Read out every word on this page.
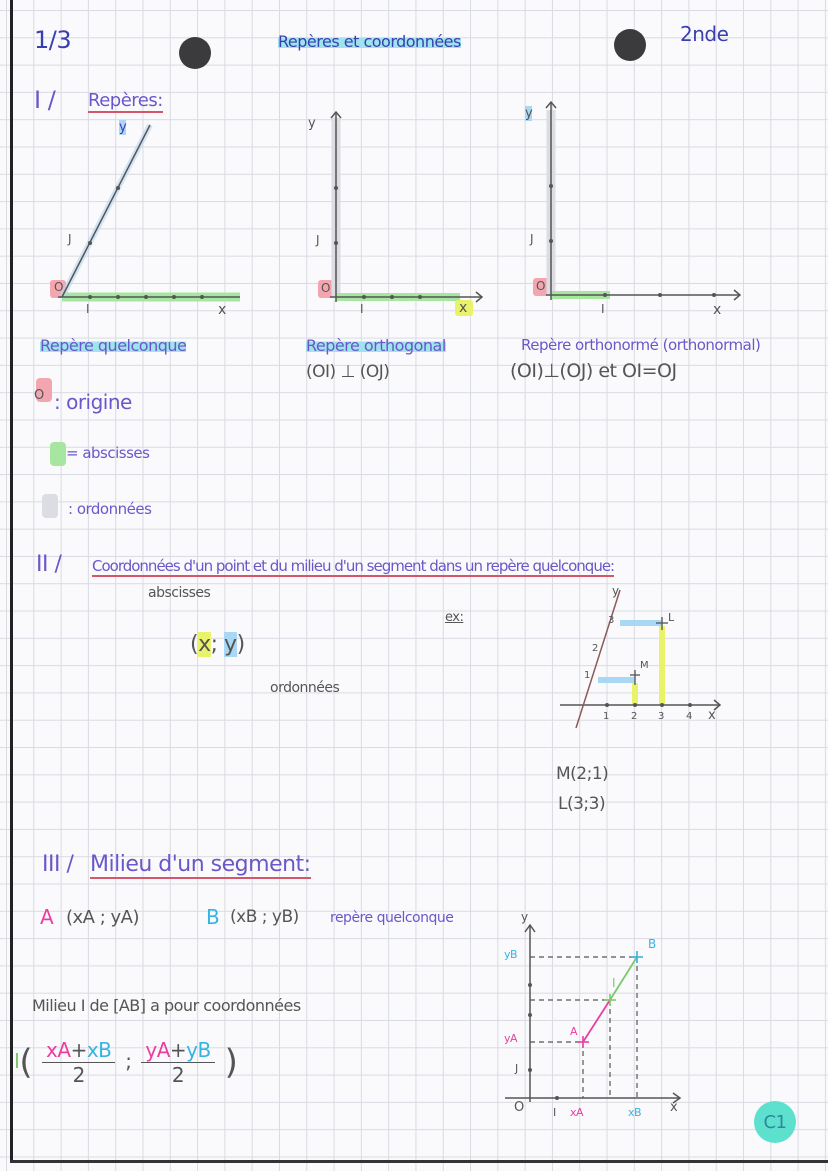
1/3	Repères et coordonnées	2nde
I / Repères:
y
J
O
I	x
y
J
O
I	x
y
J
O
I	x
Repère quelconque	Repère orthogonal	Repère orthonormé (orthonormal)
(OI) ⊥ (OJ)	(OI)⊥(OJ) et OI=OJ
O : origine
= abscisses
: ordonnées
II / Coordonnées d'un point et du milieu d'un segment dans un repère quelconque:
abscisses
(x; y)
ordonnées
ex:
y
x
1 2 3 4
1
2
3
M
L
M(2;1)
L(3;3)
III / Milieu d'un segment:
A (xA ; yA)	B (xB ; yB) repère quelconque
Milieu I de [AB] a pour coordonnées
$I( \frac{xA+xB}{2}$ ; $\frac{yA+yB}{2}$ )
y
x
O	I
J
xA	xB
yA
yB
A
B
I
C1
